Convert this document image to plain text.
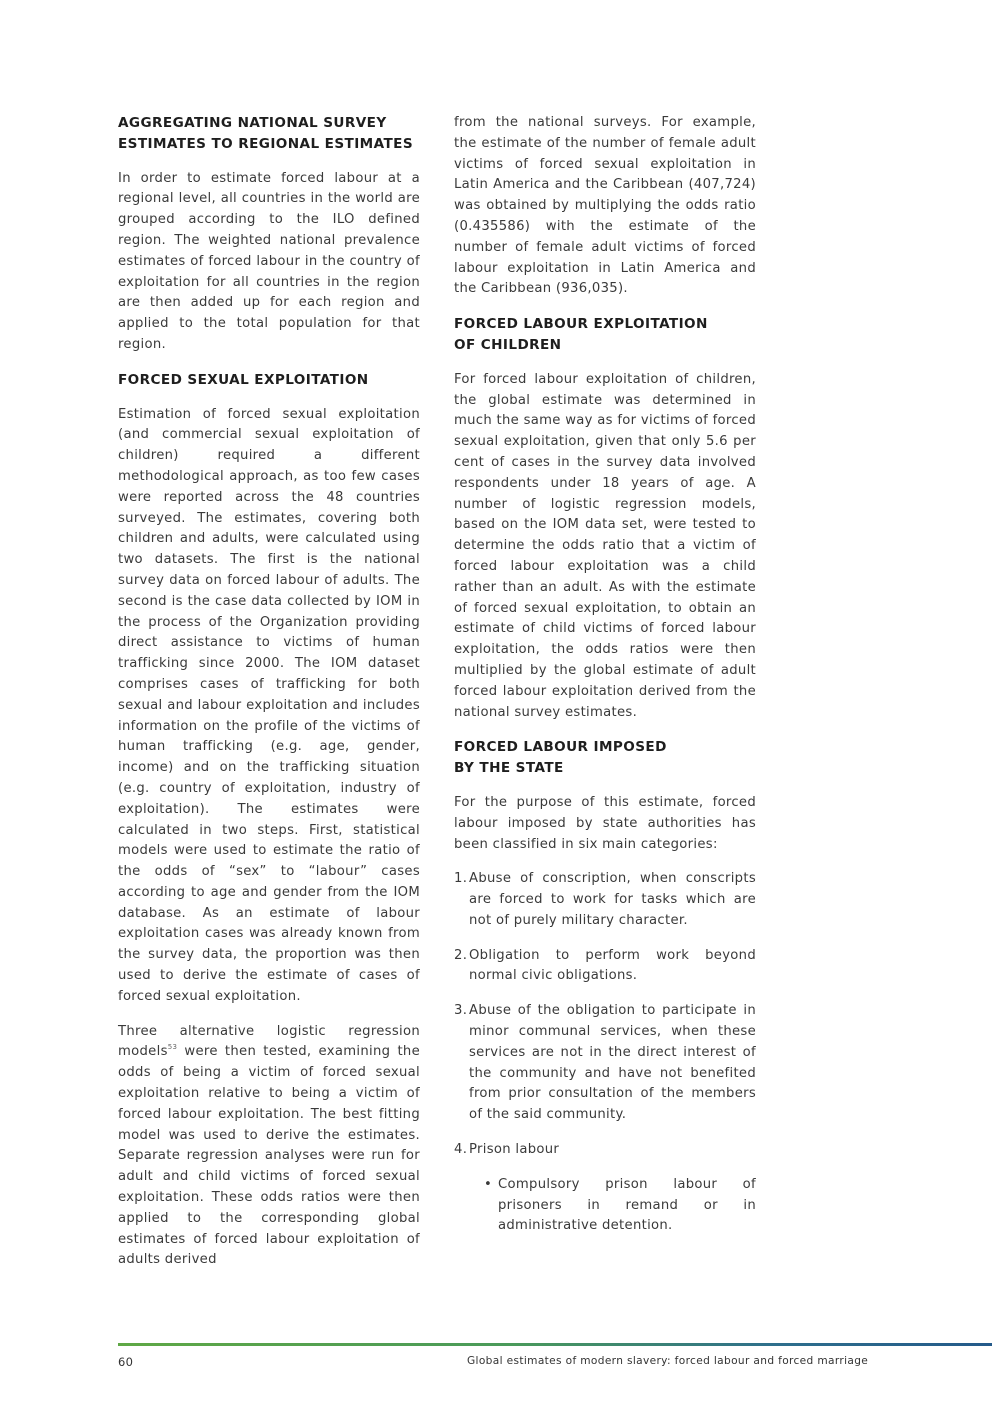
AGGREGATING NATIONAL SURVEY ESTIMATES TO REGIONAL ESTIMATES

In order to estimate forced labour at a regional level, all countries in the world are grouped according to the ILO defined region. The weighted national prevalence estimates of forced labour in the country of exploitation for all countries in the region are then added up for each region and applied to the total population for that region.

FORCED SEXUAL EXPLOITATION

Estimation of forced sexual exploitation (and commercial sexual exploitation of children) required a different methodological approach, as too few cases were reported across the 48 countries surveyed. The estimates, covering both children and adults, were calculated using two datasets. The first is the national survey data on forced labour of adults. The second is the case data collected by IOM in the process of the Organization providing direct assistance to victims of human trafficking since 2000. The IOM dataset comprises cases of trafficking for both sexual and labour exploitation and includes information on the profile of the victims of human trafficking (e.g. age, gender, income) and on the trafficking situation (e.g. country of exploitation, industry of exploitation). The estimates were calculated in two steps. First, statistical models were used to estimate the ratio of the odds of “sex” to “labour” cases according to age and gender from the IOM database. As an estimate of labour exploitation cases was already known from the survey data, the proportion was then used to derive the estimate of cases of forced sexual exploitation.

Three alternative logistic regression models$^{53}$ were then tested, examining the odds of being a victim of forced sexual exploitation relative to being a victim of forced labour exploitation. The best fitting model was used to derive the estimates. Separate regression analyses were run for adult and child victims of forced sexual exploitation. These odds ratios were then applied to the corresponding global estimates of forced labour exploitation of adults derived

from the national surveys. For example, the estimate of the number of female adult victims of forced sexual exploitation in Latin America and the Caribbean (407,724) was obtained by multiplying the odds ratio (0.435586) with the estimate of the number of female adult victims of forced labour exploitation in Latin America and the Caribbean (936,035).

FORCED LABOUR EXPLOITATION OF CHILDREN

For forced labour exploitation of children, the global estimate was determined in much the same way as for victims of forced sexual exploitation, given that only 5.6 per cent of cases in the survey data involved respondents under 18 years of age. A number of logistic regression models, based on the IOM data set, were tested to determine the odds ratio that a victim of forced labour exploitation was a child rather than an adult. As with the estimate of forced sexual exploitation, to obtain an estimate of child victims of forced labour exploitation, the odds ratios were then multiplied by the global estimate of adult forced labour exploitation derived from the national survey estimates.

FORCED LABOUR IMPOSED BY THE STATE

For the purpose of this estimate, forced labour imposed by state authorities has been classified in six main categories:

1. Abuse of conscription, when conscripts are forced to work for tasks which are not of purely military character.
2. Obligation to perform work beyond normal civic obligations.
3. Abuse of the obligation to participate in minor communal services, when these services are not in the direct interest of the community and have not benefited from prior consultation of the members of the said community.
4. Prison labour
• Compulsory prison labour of prisoners in remand or in administrative detention.
60	Global estimates of modern slavery: forced labour and forced marriage
